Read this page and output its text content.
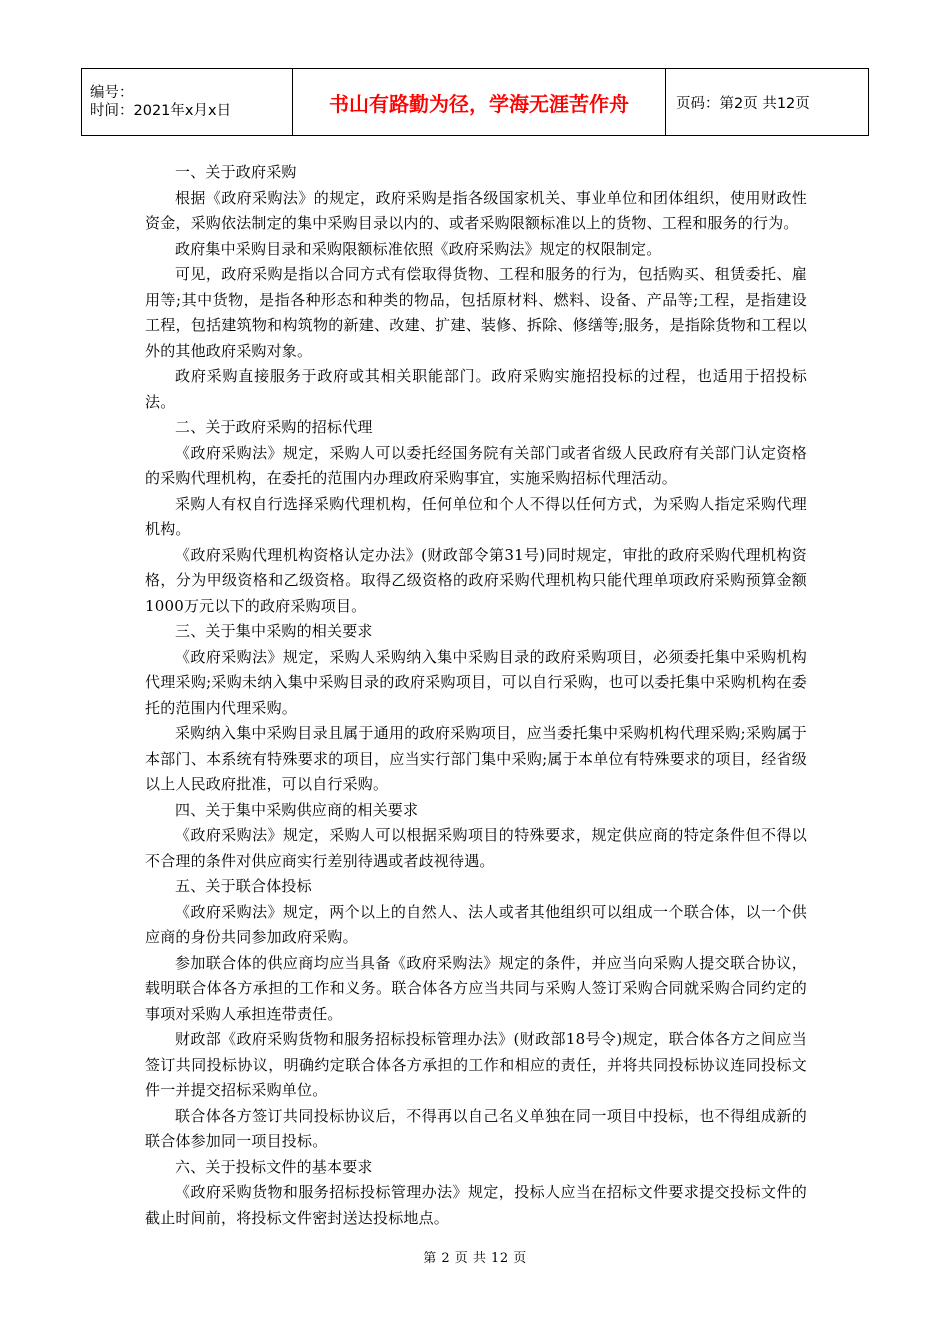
编号：
时间：2021年x月x日	书山有路勤为径，学海无涯苦作舟	页码：第2页 共12页

一、关于政府采购

根据《政府采购法》的规定，政府采购是指各级国家机关、事业单位和团体组织，使用财政性资金，采购依法制定的集中采购目录以内的、或者采购限额标准以上的货物、工程和服务的行为。

政府集中采购目录和采购限额标准依照《政府采购法》规定的权限制定。

可见，政府采购是指以合同方式有偿取得货物、工程和服务的行为，包括购买、租赁委托、雇用等;其中货物，是指各种形态和种类的物品，包括原材料、燃料、设备、产品等;工程，是指建设工程，包括建筑物和构筑物的新建、改建、扩建、装修、拆除、修缮等;服务，是指除货物和工程以外的其他政府采购对象。

政府采购直接服务于政府或其相关职能部门。政府采购实施招投标的过程，也适用于招投标法。

二、关于政府采购的招标代理

《政府采购法》规定，采购人可以委托经国务院有关部门或者省级人民政府有关部门认定资格的采购代理机构，在委托的范围内办理政府采购事宜，实施采购招标代理活动。

采购人有权自行选择采购代理机构，任何单位和个人不得以任何方式，为采购人指定采购代理机构。

《政府采购代理机构资格认定办法》(财政部令第31号)同时规定，审批的政府采购代理机构资格，分为甲级资格和乙级资格。取得乙级资格的政府采购代理机构只能代理单项政府采购预算金额1000万元以下的政府采购项目。

三、关于集中采购的相关要求

《政府采购法》规定，采购人采购纳入集中采购目录的政府采购项目，必须委托集中采购机构代理采购;采购未纳入集中采购目录的政府采购项目，可以自行采购，也可以委托集中采购机构在委托的范围内代理采购。

采购纳入集中采购目录且属于通用的政府采购项目，应当委托集中采购机构代理采购;采购属于本部门、本系统有特殊要求的项目，应当实行部门集中采购;属于本单位有特殊要求的项目，经省级以上人民政府批准，可以自行采购。

四、关于集中采购供应商的相关要求

《政府采购法》规定，采购人可以根据采购项目的特殊要求，规定供应商的特定条件但不得以不合理的条件对供应商实行差别待遇或者歧视待遇。

五、关于联合体投标

《政府采购法》规定，两个以上的自然人、法人或者其他组织可以组成一个联合体，以一个供应商的身份共同参加政府采购。

参加联合体的供应商均应当具备《政府采购法》规定的条件，并应当向采购人提交联合协议，载明联合体各方承担的工作和义务。联合体各方应当共同与采购人签订采购合同就采购合同约定的事项对采购人承担连带责任。

财政部《政府采购货物和服务招标投标管理办法》(财政部18号令)规定，联合体各方之间应当签订共同投标协议，明确约定联合体各方承担的工作和相应的责任，并将共同投标协议连同投标文件一并提交招标采购单位。

联合体各方签订共同投标协议后，不得再以自己名义单独在同一项目中投标，也不得组成新的联合体参加同一项目投标。

六、关于投标文件的基本要求

《政府采购货物和服务招标投标管理办法》规定，投标人应当在招标文件要求提交投标文件的截止时间前，将投标文件密封送达投标地点。

第 2 页 共 12 页
